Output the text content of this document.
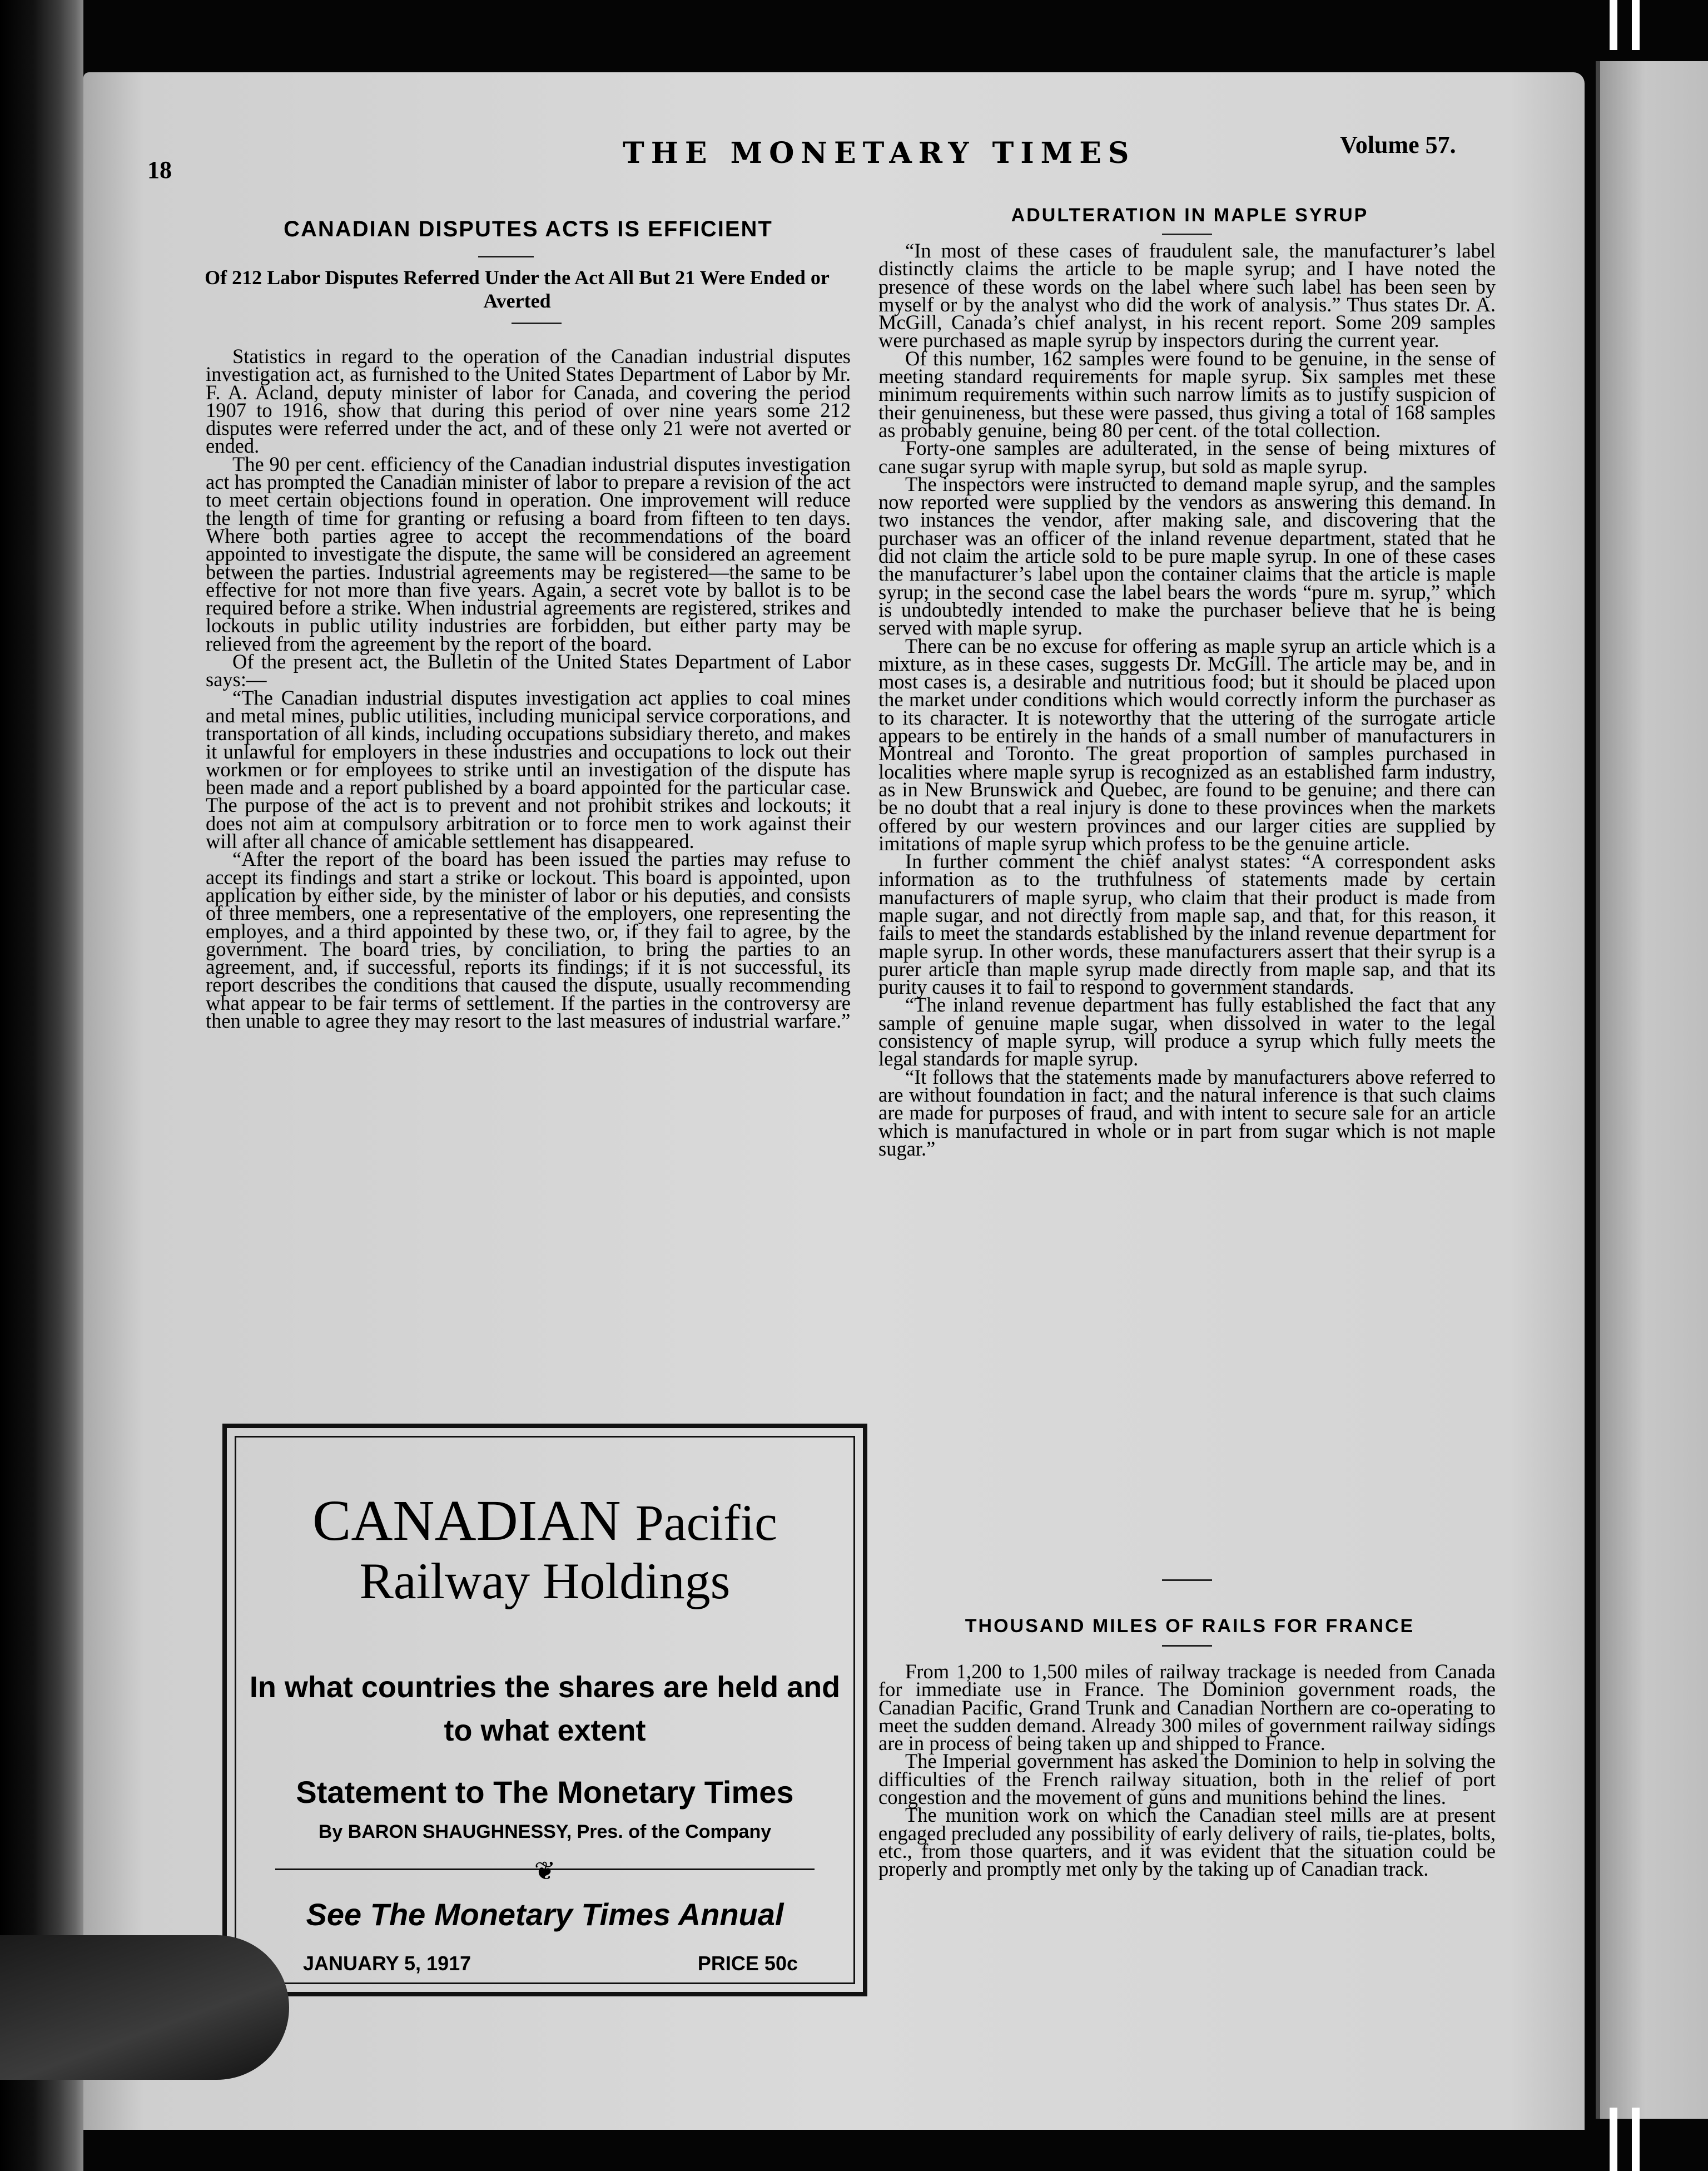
18	THE MONETARY TIMES	Volume 57.
CANADIAN DISPUTES ACTS IS EFFICIENT
Of 212 Labor Disputes Referred Under the Act All But 21 Were Ended or Averted

Statistics in regard to the operation of the Canadian industrial disputes investigation act, as furnished to the United States Department of Labor by Mr. F. A. Acland, deputy minister of labor for Canada, and covering the period 1907 to 1916, show that during this period of over nine years some 212 disputes were referred under the act, and of these only 21 were not averted or ended.

The 90 per cent. efficiency of the Canadian industrial disputes investigation act has prompted the Canadian minister of labor to prepare a revision of the act to meet certain objections found in operation. One improvement will reduce the length of time for granting or refusing a board from fifteen to ten days. Where both parties agree to accept the recommendations of the board appointed to investigate the dispute, the same will be considered an agreement between the parties. Industrial agreements may be registered—the same to be effective for not more than five years. Again, a secret vote by ballot is to be required before a strike. When industrial agreements are registered, strikes and lockouts in public utility industries are forbidden, but either party may be relieved from the agreement by the report of the board.

Of the present act, the Bulletin of the United States Department of Labor says:—

“The Canadian industrial disputes investigation act applies to coal mines and metal mines, public utilities, including municipal service corporations, and transportation of all kinds, including occupations subsidiary thereto, and makes it unlawful for employers in these industries and occupations to lock out their workmen or for employees to strike until an investigation of the dispute has been made and a report published by a board appointed for the particular case. The purpose of the act is to prevent and not prohibit strikes and lockouts; it does not aim at compulsory arbitration or to force men to work against their will after all chance of amicable settlement has disappeared.

“After the report of the board has been issued the parties may refuse to accept its findings and start a strike or lockout. This board is appointed, upon application by either side, by the minister of labor or his deputies, and consists of three members, one a representative of the employers, one representing the employes, and a third appointed by these two, or, if they fail to agree, by the government. The board tries, by conciliation, to bring the parties to an agreement, and, if successful, reports its findings; if it is not successful, its report describes the conditions that caused the dispute, usually recommending what appear to be fair terms of settlement. If the parties in the controversy are then unable to agree they may resort to the last measures of industrial warfare.”

CANADIAN Pacific
Railway Holdings
In what countries the shares are held and to what extent
Statement to The Monetary Times
By BARON SHAUGHNESSY, Pres. of the Company
❦
See The Monetary Times Annual
JANUARY 5, 1917	PRICE 50c
ADULTERATION IN MAPLE SYRUP

“In most of these cases of fraudulent sale, the manufacturer’s label distinctly claims the article to be maple syrup; and I have noted the presence of these words on the label where such label has been seen by myself or by the analyst who did the work of analysis.” Thus states Dr. A. McGill, Canada’s chief analyst, in his recent report. Some 209 samples were purchased as maple syrup by inspectors during the current year.

Of this number, 162 samples were found to be genuine, in the sense of meeting standard requirements for maple syrup. Six samples met these minimum requirements within such narrow limits as to justify suspicion of their genuineness, but these were passed, thus giving a total of 168 samples as probably genuine, being 80 per cent. of the total collection.

Forty-one samples are adulterated, in the sense of being mixtures of cane sugar syrup with maple syrup, but sold as maple syrup.

The inspectors were instructed to demand maple syrup, and the samples now reported were supplied by the vendors as answering this demand. In two instances the vendor, after making sale, and discovering that the purchaser was an officer of the inland revenue department, stated that he did not claim the article sold to be pure maple syrup. In one of these cases the manufacturer’s label upon the container claims that the article is maple syrup; in the second case the label bears the words “pure m. syrup,” which is undoubtedly intended to make the purchaser believe that he is being served with maple syrup.

There can be no excuse for offering as maple syrup an article which is a mixture, as in these cases, suggests Dr. McGill. The article may be, and in most cases is, a desirable and nutritious food; but it should be placed upon the market under conditions which would correctly inform the purchaser as to its character. It is noteworthy that the uttering of the surrogate article appears to be entirely in the hands of a small number of manufacturers in Montreal and Toronto. The great proportion of samples purchased in localities where maple syrup is recognized as an established farm industry, as in New Brunswick and Quebec, are found to be genuine; and there can be no doubt that a real injury is done to these provinces when the markets offered by our western provinces and our larger cities are supplied by imitations of maple syrup which profess to be the genuine article.

In further comment the chief analyst states: “A correspondent asks information as to the truthfulness of statements made by certain manufacturers of maple syrup, who claim that their product is made from maple sugar, and not directly from maple sap, and that, for this reason, it fails to meet the standards established by the inland revenue department for maple syrup. In other words, these manufacturers assert that their syrup is a purer article than maple syrup made directly from maple sap, and that its purity causes it to fail to respond to government standards.

“The inland revenue department has fully established the fact that any sample of genuine maple sugar, when dissolved in water to the legal consistency of maple syrup, will produce a syrup which fully meets the legal standards for maple syrup.

“It follows that the statements made by manufacturers above referred to are without foundation in fact; and the natural inference is that such claims are made for purposes of fraud, and with intent to secure sale for an article which is manufactured in whole or in part from sugar which is not maple sugar.”

THOUSAND MILES OF RAILS FOR FRANCE

From 1,200 to 1,500 miles of railway trackage is needed from Canada for immediate use in France. The Dominion government roads, the Canadian Pacific, Grand Trunk and Canadian Northern are co-operating to meet the sudden demand. Already 300 miles of government railway sidings are in process of being taken up and shipped to France.

The Imperial government has asked the Dominion to help in solving the difficulties of the French railway situation, both in the relief of port congestion and the movement of guns and munitions behind the lines.

The munition work on which the Canadian steel mills are at present engaged precluded any possibility of early delivery of rails, tie-plates, bolts, etc., from those quarters, and it was evident that the situation could be properly and promptly met only by the taking up of Canadian track.
